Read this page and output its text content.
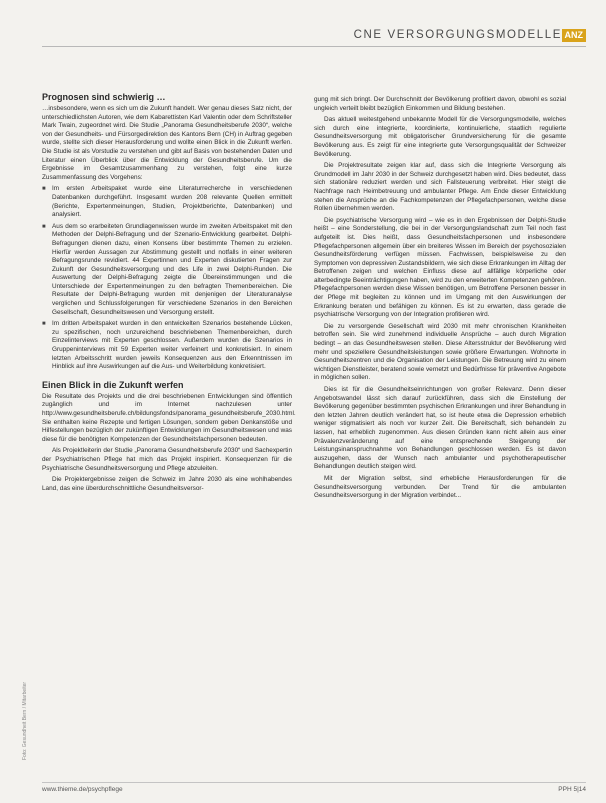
CNE VERSORGUNGSMODELLE ANZ
Prognosen sind schwierig …

…insbesondere, wenn es sich um die Zukunft handelt. Wer genau dieses Satz nicht, der unterschiedlichsten Autoren, wie dem Kabarettisten Karl Valentin oder dem Schriftsteller Mark Twain, zugeordnet wird. Die Studie „Panorama Gesundheitsberufe 2030“, welche von der Gesundheits- und Fürsorgedirektion des Kantons Bern (CH) in Auftrag gegeben wurde, stellte sich dieser Herausforderung und wollte einen Blick in die Zukunft werfen. Die Studie ist als Vorstudie zu verstehen und gibt auf Basis von bestehenden Daten und Literatur einen Überblick über die Entwicklung der Gesundheitsberufe. Um die Ergebnisse im Gesamtzusammenhang zu verstehen, folgt eine kurze Zusammenfassung des Vorgehens:

■ Im ersten Arbeitspaket wurde eine Literaturrecherche in verschiedenen Datenbanken durchgeführt. Insgesamt wurden 208 relevante Quellen ermittelt (Berichte, Expertenmeinungen, Studien, Projektberichte, Datenbanken) und analysiert.

■ Aus dem so erarbeiteten Grundlagenwissen wurde im zweiten Arbeitspaket mit den Methoden der Delphi-Befragung und der Szenario-Entwicklung gearbeitet. Delphi-Befragungen dienen dazu, einen Konsens über bestimmte Themen zu erzielen. Hierfür werden Aussagen zur Abstimmung gestellt und notfalls in einer weiteren Befragungsrunde revidiert. 44 Expertinnen und Experten diskutierten Fragen zur Zukunft der Gesundheitsversorgung und des Life in zwei Delphi-Runden. Die Auswertung der Delphi-Befragung zeigte die Übereinstimmungen und die Unterschiede der Expertenmeinungen zu den befragten Themenbereichen. Die Resultate der Delphi-Befragung wurden mit denjenigen der Literaturanalyse verglichen und Schlussfolgerungen für verschiedene Szenarios in den Bereichen Gesellschaft, Gesundheitswesen und Versorgung erstellt.

■ Im dritten Arbeitspaket wurden in den entwickelten Szenarios bestehende Lücken, zu spezifischen, noch unzureichend beschriebenen Themenbereichen, durch Einzelinterviews mit Experten geschlossen. Außerdem wurden die Szenarios in Gruppeninterviews mit 59 Experten weiter verfeinert und konkretisiert. In einem letzten Arbeitsschritt wurden jeweils Konsequenzen aus den Erkenntnissen im Hinblick auf ihre Auswirkungen auf die Aus- und Weiterbildung konkretisiert.

Einen Blick in die Zukunft werfen

Die Resultate des Projekts und die drei beschriebenen Entwicklungen sind öffentlich zugänglich und im Internet nachzulesen unter http://www.gesundheitsberufe.ch/bildungsfonds/panorama_gesundheitsberufe_2030.html. Sie enthalten keine Rezepte und fertigen Lösungen, sondern geben Denkanstöße und Hilfestellungen bezüglich der zukünftigen Entwicklungen im Gesundheitswesen und was diese für die benötigten Kompetenzen der Gesundheitsfachpersonen bedeuten.

Als Projektleiterin der Studie „Panorama Gesundheitsberufe 2030“ und Sachexpertin der Psychiatrischen Pflege hat mich das Projekt inspiriert. Konsequenzen für die Psychiatrische Gesundheitsversorgung und Pflege abzuleiten.

Die Projektergebnisse zeigen die Schweiz im Jahre 2030 als eine wohlhabendes Land, das eine überdurchschnittliche Gesundheitsversor-

gung mit sich bringt. Der Durchschnitt der Bevölkerung profitiert davon, obwohl es sozial ungleich verteilt bleibt bezüglich Einkommen und Bildung bestehen.

Das aktuell weitestgehend unbekannte Modell für die Versorgungsmodelle, welches sich durch eine integrierte, koordinierte, kontinuierliche, staatlich regulierte Gesundheitsversorgung mit obligatorischer Grundversicherung für die gesamte Bevölkerung aus. Es zeigt für eine integrierte gute Versorgungsqualität der Schweizer Bevölkerung.

Die Projektresultate zeigen klar auf, dass sich die Integrierte Versorgung als Grundmodell im Jahr 2030 in der Schweiz durchgesetzt haben wird. Dies bedeutet, dass sich stationäre reduziert werden und sich Fallsteuerung verbreitet. Hier steigt die Nachfrage nach Heimbetreuung und ambulanter Pflege. Am Ende dieser Entwicklung stehen die Ansprüche an die Fachkompetenzen der Pflegefachpersonen, welche diese Rollen übernehmen werden.

Die psychiatrische Versorgung wird – wie es in den Ergebnissen der Delphi-Studie heißt – eine Sonderstellung, die bei in der Versorgungslandschaft zum Teil noch fast aufgeteilt ist. Dies heißt, dass Gesundheitsfachpersonen und insbesondere Pflegefachpersonen allgemein über ein breiteres Wissen im Bereich der psychosozialen Gesundheitsförderung verfügen müssen. Fachwissen, beispielsweise zu den Symptomen von depressiven Zustandsbildern, wie sich diese Erkrankungen im Alltag der Betroffenen zeigen und welchen Einfluss diese auf allfällige körperliche oder alterbedingte Beeinträchtigungen haben, wird zu den erweiterten Kompetenzen gehören. Pflegefachpersonen werden diese Wissen benötigen, um Betroffene Personen besser in der Pflege mit begleiten zu können und im Umgang mit den Auswirkungen der Erkrankung beraten und befähigen zu können. Es ist zu erwarten, dass gerade die psychiatrische Versorgung von der Integration profitieren wird.

Die zu versorgende Gesellschaft wird 2030 mit mehr chronischen Krankheiten betroffen sein. Sie wird zunehmend individuelle Ansprüche – auch durch Migration bedingt – an das Gesundheitswesen stellen. Diese Altersstruktur der Bevölkerung wird mehr und speziellere Gesundheitsleistungen sowie größere Erwartungen. Wohnorte in Gesundheitszentren und die Organisation der Leistungen. Die Betreuung wird zu einem wichtigen Dienstleister, beratend sowie vernetzt und Bedürfnisse für präventive Angebote in möglichen sollen.

Dies ist für die Gesundheitseinrichtungen von großer Relevanz. Denn dieser Angebotswandel lässt sich darauf zurückführen, dass sich die Einstellung der Bevölkerung gegenüber bestimmten psychischen Erkrankungen und ihrer Behandlung in den letzten Jahren deutlich verändert hat, so ist heute etwa die Depression erheblich weniger stigmatisiert als noch vor kurzer Zeit. Die Bereitschaft, sich behandeln zu lassen, hat erheblich zugenommen. Aus diesen Gründen kann nicht allein aus einer Prävalenzveränderung auf eine entsprechende Steigerung der Leistungsinanspruchnahme von Behandlungen geschlossen werden. Es ist davon auszugehen, dass der Wunsch nach ambulanter und psychotherapeutischer Behandlungen deutlich steigen wird.

Mit der Migration selbst, sind erhebliche Herausforderungen für die Gesundheitsversorgung verbunden. Der Trend für die ambulanten Gesundheitsversorgung in der Migration verbindet...

Foto: Gesundheit Bern / Mitarbeiter
www.thieme.de/psychpflege	PPH 5|14
